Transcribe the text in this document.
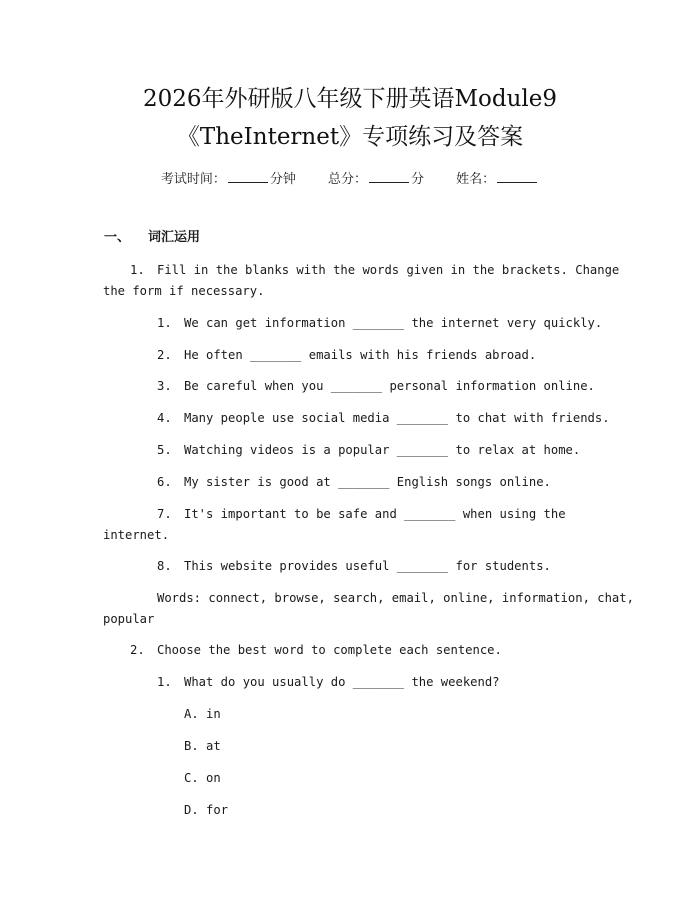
2026年外研版八年级下册英语Module9
《TheInternet》专项练习及答案
考试时间：	分钟 总分：	分 姓名：
一、 词汇运用
1. Fill in the blanks with the words given in the brackets. Change
the form if necessary.
1. We can get information _______ the internet very quickly.
2. He often _______ emails with his friends abroad.
3. Be careful when you _______ personal information online.
4. Many people use social media _______ to chat with friends.
5. Watching videos is a popular _______ to relax at home.
6. My sister is good at _______ English songs online.
7. It's important to be safe and _______ when using the
internet.
8. This website provides useful _______ for students.
Words: connect, browse, search, email, online, information, chat,
popular
2. Choose the best word to complete each sentence.
1. What do you usually do _______ the weekend?
A. in
B. at
C. on
D. for
